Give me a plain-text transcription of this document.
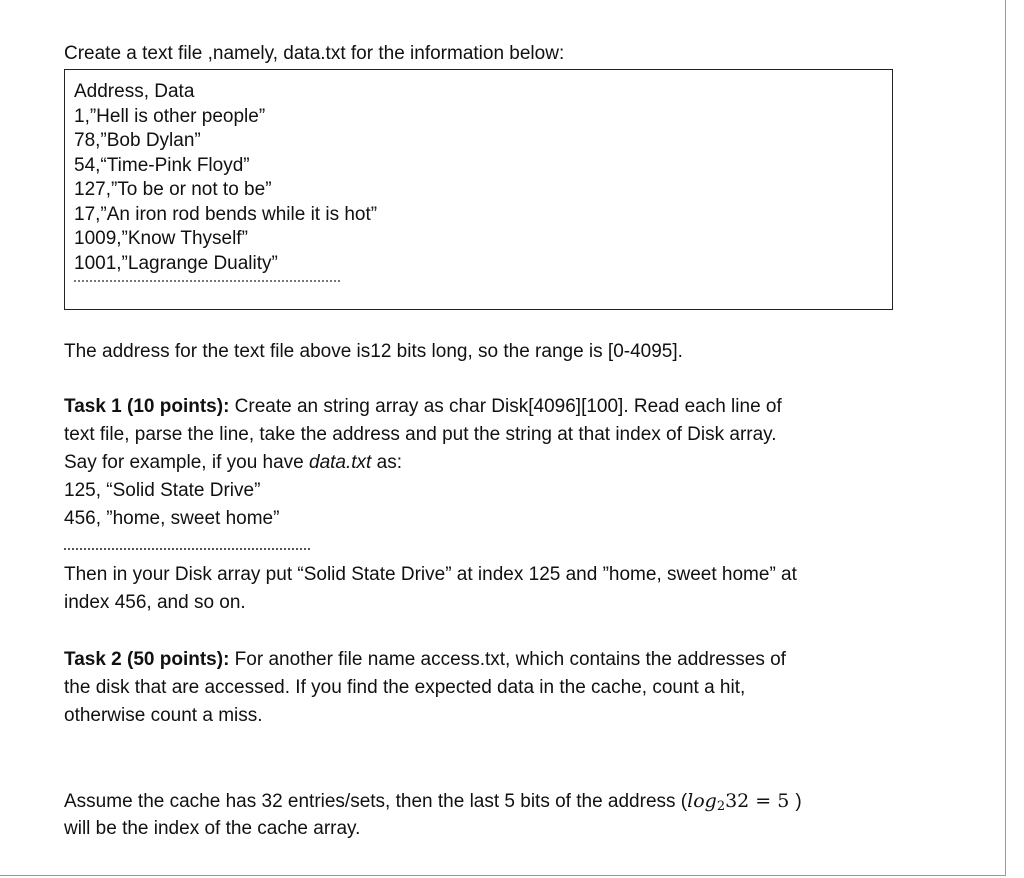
Create a text file ,namely, data.txt for the information below:
Address, Data
1,”Hell is other people”
78,”Bob Dylan”
54,“Time-Pink Floyd”
127,”To be or not to be”
17,”An iron rod bends while it is hot”
1009,”Know Thyself”
1001,”Lagrange Duality”
The address for the text file above is12 bits long, so the range is [0-4095].
Task 1 (10 points): Create an string array as char Disk[4096][100]. Read each line of
text file, parse the line, take the address and put the string at that index of Disk array.
Say for example, if you have data.txt as:
125, “Solid State Drive”
456, ”home, sweet home”
Then in your Disk array put “Solid State Drive” at index 125 and ”home, sweet home” at
index 456, and so on.
Task 2 (50 points): For another file name access.txt, which contains the addresses of
the disk that are accessed. If you find the expected data in the cache, count a hit,
otherwise count a miss.
Assume the cache has 32 entries/sets, then the last 5 bits of the address ($\log_232 = 5$ )
will be the index of the cache array.
